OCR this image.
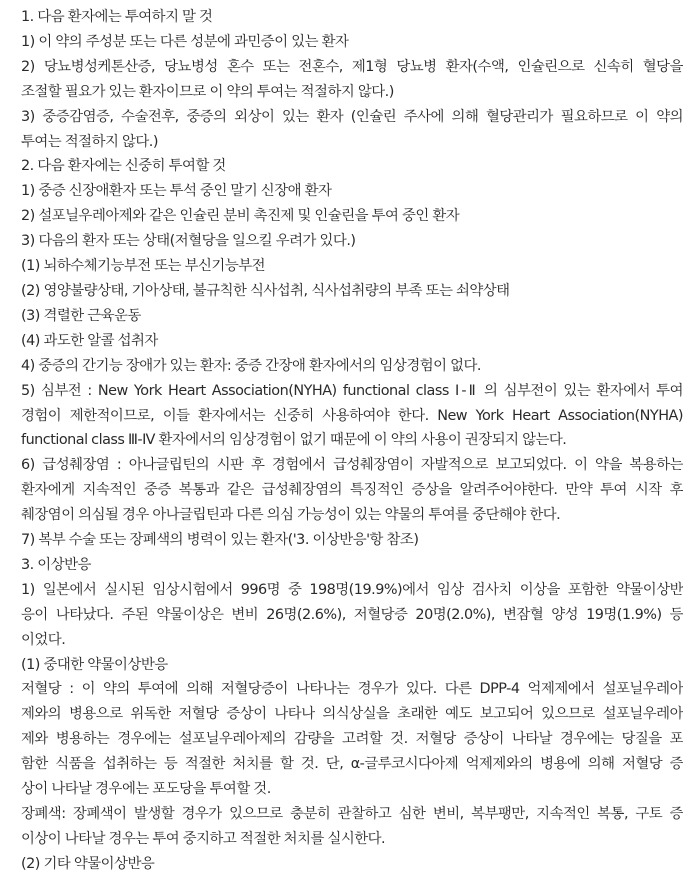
1. 다음 환자에는 투여하지 말 것

1) 이 약의 주성분 또는 다른 성분에 과민증이 있는 환자

2) 당뇨병성케톤산증, 당뇨병성 혼수 또는 전혼수, 제1형 당뇨병 환자(수액, 인슐린으로 신속히 혈당을

조절할 필요가 있는 환자이므로 이 약의 투여는 적절하지 않다.)

3) 중증감염증, 수술전후, 중증의 외상이 있는 환자 (인슐린 주사에 의해 혈당관리가 필요하므로 이 약의

투여는 적절하지 않다.)

2. 다음 환자에는 신중히 투여할 것

1) 중증 신장애환자 또는 투석 중인 말기 신장애 환자

2) 설포닐우레아제와 같은 인슐린 분비 촉진제 및 인슐린을 투여 중인 환자

3) 다음의 환자 또는 상태(저혈당을 일으킬 우려가 있다.)

(1) 뇌하수체기능부전 또는 부신기능부전

(2) 영양불량상태, 기아상태, 불규칙한 식사섭취, 식사섭취량의 부족 또는 쇠약상태

(3) 격렬한 근육운동

(4) 과도한 알콜 섭취자

4) 중증의 간기능 장애가 있는 환자: 중증 간장애 환자에서의 임상경험이 없다.

5) 심부전 : New York Heart Association(NYHA) functional class Ⅰ-Ⅱ 의 심부전이 있는 환자에서 투여

경험이 제한적이므로, 이들 환자에서는 신중히 사용하여야 한다. New York Heart Association(NYHA)

functional class Ⅲ-Ⅳ 환자에서의 임상경험이 없기 때문에 이 약의 사용이 권장되지 않는다.

6) 급성췌장염 : 아나글립틴의 시판 후 경험에서 급성췌장염이 자발적으로 보고되었다. 이 약을 복용하는

환자에게 지속적인 중증 복통과 같은 급성췌장염의 특징적인 증상을 알려주어야한다. 만약 투여 시작 후

췌장염이 의심될 경우 아나글립틴과 다른 의심 가능성이 있는 약물의 투여를 중단해야 한다.

7) 복부 수술 또는 장폐색의 병력이 있는 환자('3. 이상반응'항 참조)

3. 이상반응

1) 일본에서 실시된 임상시험에서 996명 중 198명(19.9%)에서 임상 검사치 이상을 포함한 약물이상반

응이 나타났다. 주된 약물이상은 변비 26명(2.6%), 저혈당증 20명(2.0%), 변잠혈 양성 19명(1.9%) 등

이었다.

(1) 중대한 약물이상반응

저혈당 : 이 약의 투여에 의해 저혈당증이 나타나는 경우가 있다. 다른 DPP-4 억제제에서 설포닐우레아

제와의 병용으로 위독한 저혈당 증상이 나타나 의식상실을 초래한 예도 보고되어 있으므로 설포닐우레아

제와 병용하는 경우에는 설포닐우레아제의 감량을 고려할 것. 저혈당 증상이 나타날 경우에는 당질을 포

함한 식품을 섭취하는 등 적절한 처치를 할 것. 단, α-글루코시다아제 억제제와의 병용에 의해 저혈당 증

상이 나타날 경우에는 포도당을 투여할 것.

장폐색: 장폐색이 발생할 경우가 있으므로 충분히 관찰하고 심한 변비, 복부팽만, 지속적인 복통, 구토 증

이상이 나타날 경우는 투여 중지하고 적절한 처치를 실시한다.

(2) 기타 약물이상반응
